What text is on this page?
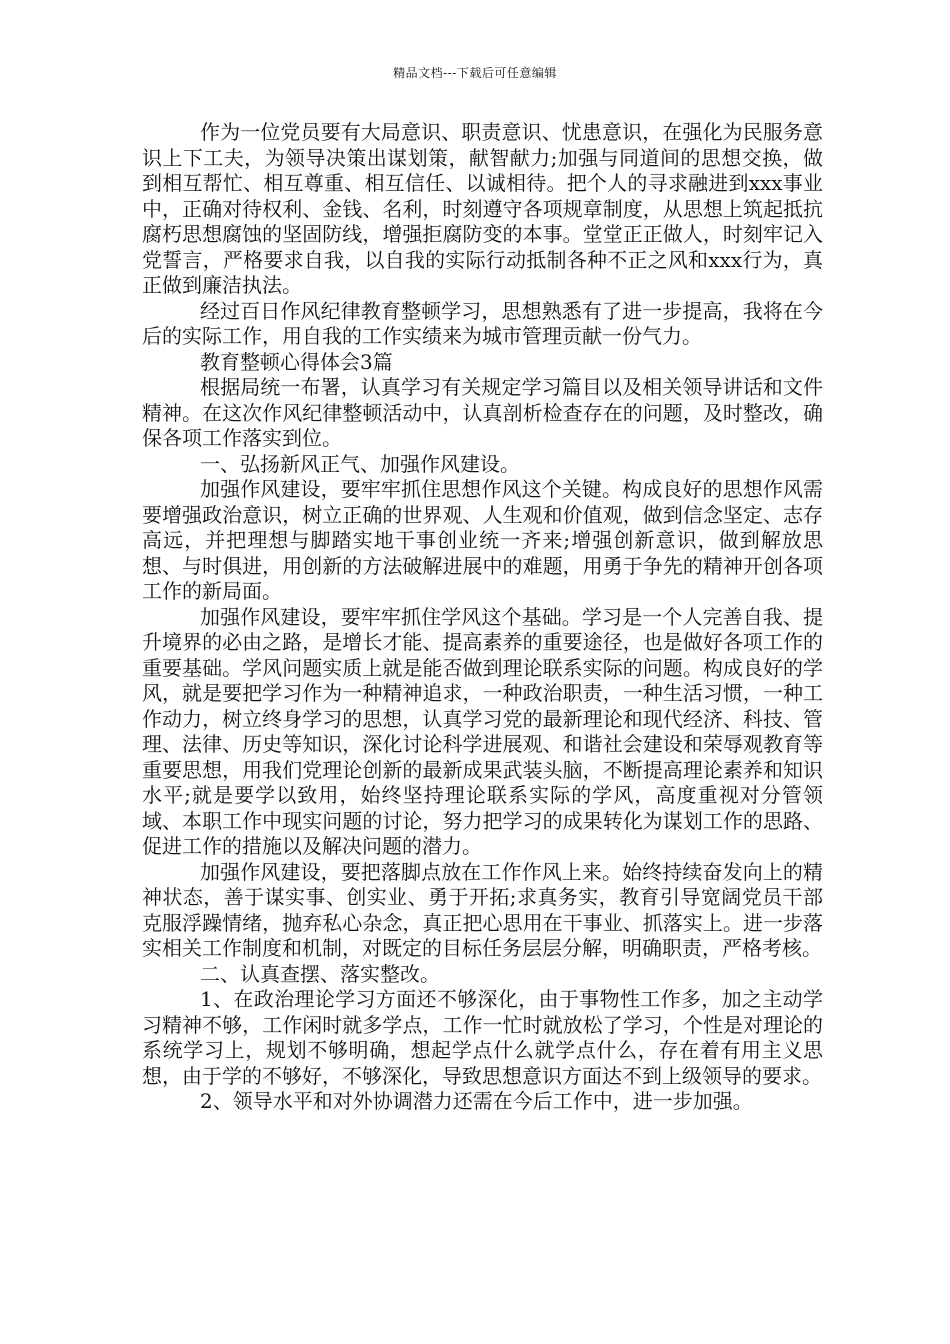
精品文档---下载后可任意编辑

作为一位党员要有大局意识、职责意识、忧患意识，在强化为民服务意识上下工夫，为领导决策出谋划策，献智献力;加强与同道间的思想交换，做到相互帮忙、相互尊重、相互信任、以诚相待。把个人的寻求融进到xxx事业中，正确对待权利、金钱、名利，时刻遵守各项规章制度，从思想上筑起抵抗腐朽思想腐蚀的坚固防线，增强拒腐防变的本事。堂堂正正做人，时刻牢记入党誓言，严格要求自我，以自我的实际行动抵制各种不正之风和xxx行为，真正做到廉洁执法。

经过百日作风纪律教育整顿学习，思想熟悉有了进一步提高，我将在今后的实际工作，用自我的工作实绩来为城市管理贡献一份气力。

教育整顿心得体会3篇

根据局统一布署，认真学习有关规定学习篇目以及相关领导讲话和文件精神。在这次作风纪律整顿活动中，认真剖析检查存在的问题，及时整改，确保各项工作落实到位。

一、弘扬新风正气、加强作风建设。

加强作风建设，要牢牢抓住思想作风这个关键。构成良好的思想作风需要增强政治意识，树立正确的世界观、人生观和价值观，做到信念坚定、志存高远，并把理想与脚踏实地干事创业统一齐来;增强创新意识，做到解放思想、与时俱进，用创新的方法破解进展中的难题，用勇于争先的精神开创各项工作的新局面。

加强作风建设，要牢牢抓住学风这个基础。学习是一个人完善自我、提升境界的必由之路，是增长才能、提高素养的重要途径，也是做好各项工作的重要基础。学风问题实质上就是能否做到理论联系实际的问题。构成良好的学风，就是要把学习作为一种精神追求，一种政治职责，一种生活习惯，一种工作动力，树立终身学习的思想，认真学习党的最新理论和现代经济、科技、管理、法律、历史等知识，深化讨论科学进展观、和谐社会建设和荣辱观教育等重要思想，用我们党理论创新的最新成果武装头脑，不断提高理论素养和知识水平;就是要学以致用，始终坚持理论联系实际的学风，高度重视对分管领域、本职工作中现实问题的讨论，努力把学习的成果转化为谋划工作的思路、促进工作的措施以及解决问题的潜力。

加强作风建设，要把落脚点放在工作作风上来。始终持续奋发向上的精神状态，善于谋实事、创实业、勇于开拓;求真务实，教育引导宽阔党员干部克服浮躁情绪，抛弃私心杂念，真正把心思用在干事业、抓落实上。进一步落实相关工作制度和机制，对既定的目标任务层层分解，明确职责，严格考核。

二、认真查摆、落实整改。

1、在政治理论学习方面还不够深化，由于事物性工作多，加之主动学习精神不够，工作闲时就多学点，工作一忙时就放松了学习，个性是对理论的系统学习上，规划不够明确，想起学点什么就学点什么，存在着有用主义思想，由于学的不够好，不够深化，导致思想意识方面达不到上级领导的要求。

2、领导水平和对外协调潜力还需在今后工作中，进一步加强。
